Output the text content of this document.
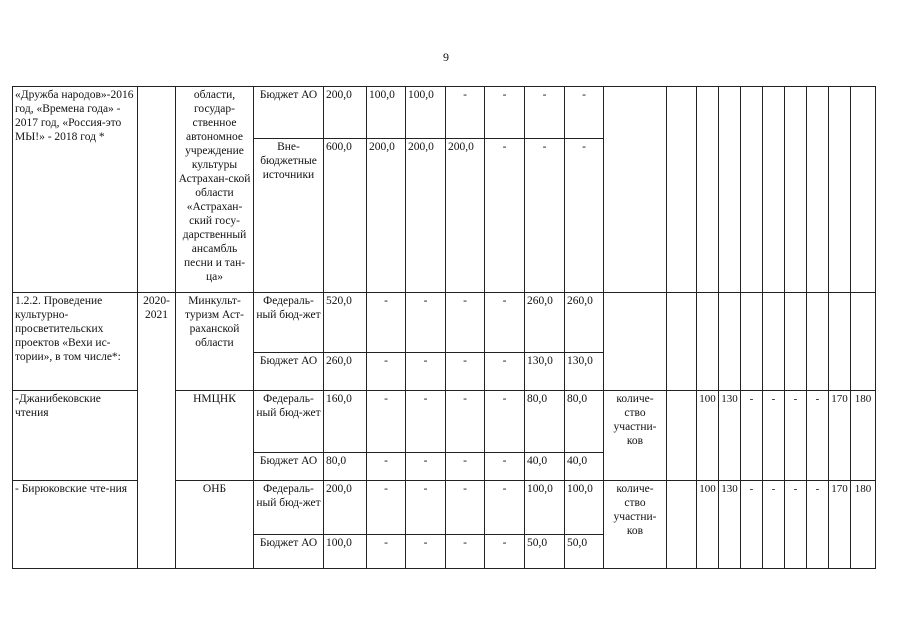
9
«Дружба народов»-2016 год, «Времена года» - 2017 год, «Россия-это МЫ!» - 2018 год *		области, государ-ственное автономное учреждение культуры Астрахан-ской области «Астрахан-ский госу-дарственный ансамбль песни и тан-ца»	Бюджет АО	200,0	100,0	100,0	-	-	-	-										
			Вне-бюджетные источники	600,0	200,0	200,0	200,0	-	-	-										
1.2.2. Проведение культурно-просветительских проектов «Вехи ис-тории», в том числе*:	2020-2021	Минкульт-туризм Аст-раханской области	Федераль-ный бюд-жет	520,0	-	-	-	-	260,0	260,0										
			Бюджет АО	260,0	-	-	-	-	130,0	130,0										
-Джанибековские чтения		НМЦНК	Федераль-ный бюд-жет	160,0	-	-	-	-	80,0	80,0	количе-ство участни-ков		100	130	-	-	-	-	170	180
			Бюджет АО	80,0	-	-	-	-	40,0	40,0										
- Бирюковские чте-ния		ОНБ	Федераль-ный бюд-жет	200,0	-	-	-	-	100,0	100,0	количе-ство участни-ков		100	130	-	-	-	-	170	180
			Бюджет АО	100,0	-	-	-	-	50,0	50,0										
